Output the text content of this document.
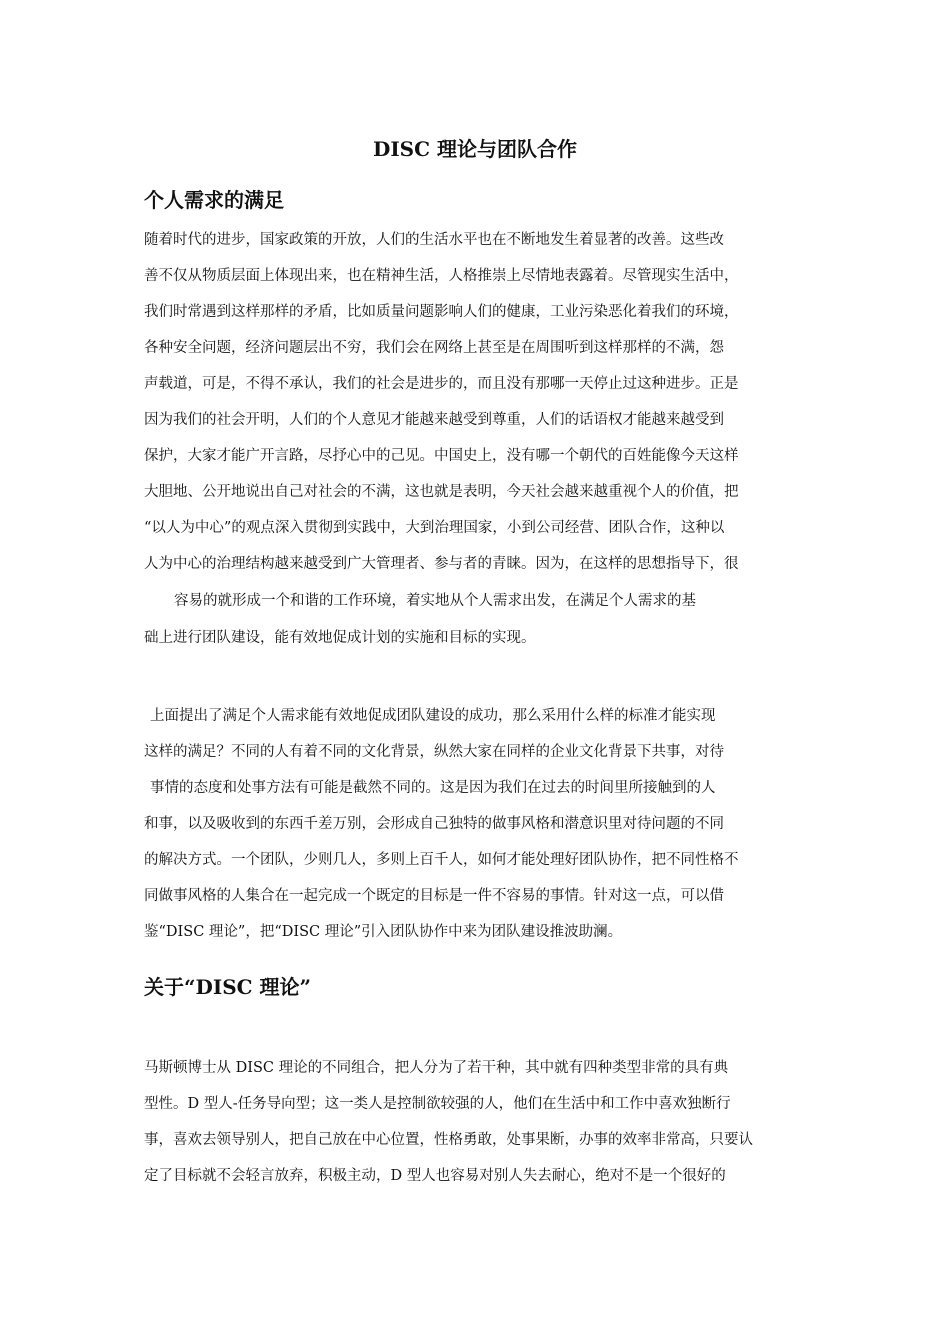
DISC 理论与团队合作
个人需求的满足
随着时代的进步，国家政策的开放，人们的生活水平也在不断地发生着显著的改善。这些改
善不仅从物质层面上体现出来，也在精神生活，人格推崇上尽情地表露着。尽管现实生活中，
我们时常遇到这样那样的矛盾，比如质量问题影响人们的健康，工业污染恶化着我们的环境，
各种安全问题，经济问题层出不穷，我们会在网络上甚至是在周围听到这样那样的不满，怨
声载道，可是，不得不承认，我们的社会是进步的，而且没有那哪一天停止过这种进步。正是
因为我们的社会开明，人们的个人意见才能越来越受到尊重，人们的话语权才能越来越受到
保护，大家才能广开言路，尽抒心中的己见。中国史上，没有哪一个朝代的百姓能像今天这样
大胆地、公开地说出自己对社会的不满，这也就是表明，今天社会越来越重视个人的价值，把
“以人为中心”的观点深入贯彻到实践中，大到治理国家，小到公司经营、团队合作，这种以
人为中心的治理结构越来越受到广大管理者、参与者的青睐。因为，在这样的思想指导下，很
容易的就形成一个和谐的工作环境，着实地从个人需求出发，在满足个人需求的基
础上进行团队建设，能有效地促成计划的实施和目标的实现。
上面提出了满足个人需求能有效地促成团队建设的成功，那么采用什么样的标准才能实现
这样的满足？不同的人有着不同的文化背景，纵然大家在同样的企业文化背景下共事，对待
事情的态度和处事方法有可能是截然不同的。这是因为我们在过去的时间里所接触到的人
和事，以及吸收到的东西千差万别，会形成自己独特的做事风格和潜意识里对待问题的不同
的解决方式。一个团队，少则几人，多则上百千人，如何才能处理好团队协作，把不同性格不
同做事风格的人集合在一起完成一个既定的目标是一件不容易的事情。针对这一点，可以借
鉴“DISC 理论”，把“DISC 理论”引入团队协作中来为团队建设推波助澜。
关于“DISC 理论”
马斯顿博士从 DISC 理论的不同组合，把人分为了若干种，其中就有四种类型非常的具有典
型性。D 型人-任务导向型；这一类人是控制欲较强的人，他们在生活中和工作中喜欢独断行
事，喜欢去领导别人，把自己放在中心位置，性格勇敢，处事果断，办事的效率非常高，只要认
定了目标就不会轻言放弃，积极主动，D 型人也容易对别人失去耐心，绝对不是一个很好的
